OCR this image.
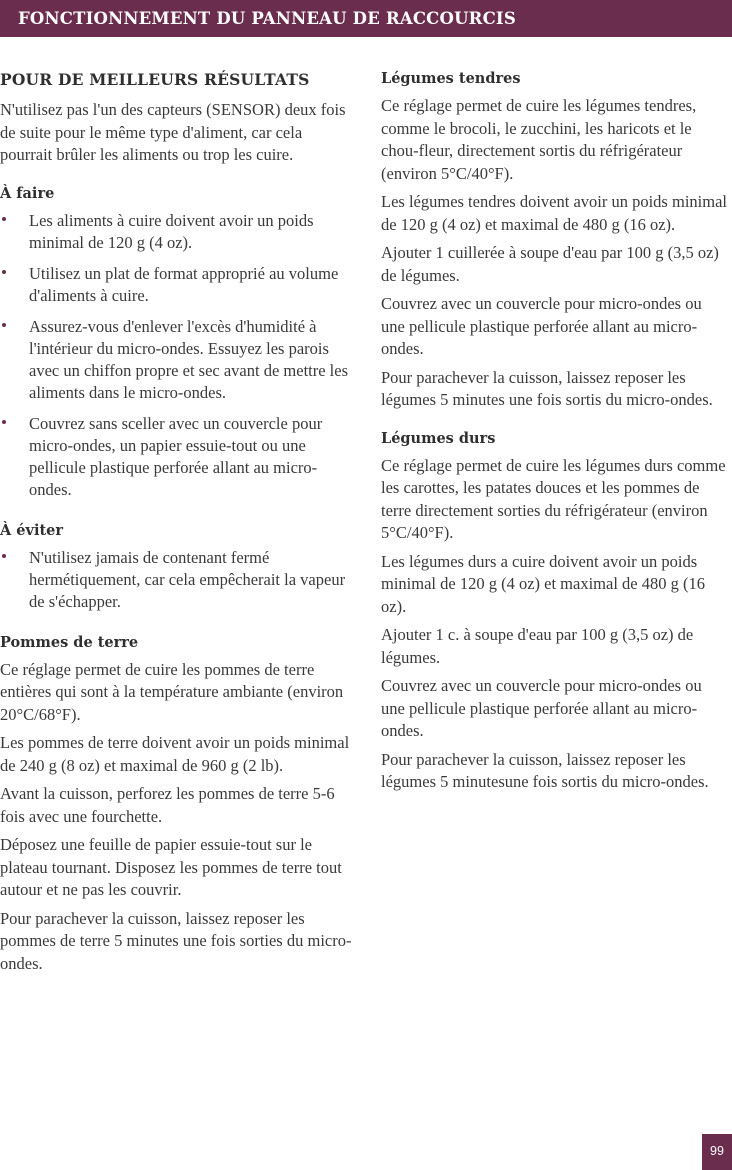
FONCTIONNEMENT DU PANNEAU DE RACCOURCIS
POUR DE MEILLEURS RÉSULTATS

N'utilisez pas l'un des capteurs (SENSOR) deux fois de suite pour le même type d'aliment, car cela pourrait brûler les aliments ou trop les cuire.

À faire
Les aliments à cuire doivent avoir un poids minimal de 120 g (4 oz).
Utilisez un plat de format approprié au volume d'aliments à cuire.
Assurez-vous d'enlever l'excès d'humidité à l'intérieur du micro-ondes. Essuyez les parois avec un chiffon propre et sec avant de mettre les aliments dans le micro-ondes.
Couvrez sans sceller avec un couvercle pour micro-ondes, un papier essuie-tout ou une pellicule plastique perforée allant au micro-ondes.
À éviter
N'utilisez jamais de contenant fermé hermétiquement, car cela empêcherait la vapeur de s'échapper.
Pommes de terre

Ce réglage permet de cuire les pommes de terre entières qui sont à la température ambiante (environ 20°C/68°F).

Les pommes de terre doivent avoir un poids minimal de 240 g (8 oz) et maximal de 960 g (2 lb).

Avant la cuisson, perforez les pommes de terre 5-6 fois avec une fourchette.

Déposez une feuille de papier essuie-tout sur le plateau tournant. Disposez les pommes de terre tout autour et ne pas les couvrir.

Pour parachever la cuisson, laissez reposer les pommes de terre 5 minutes une fois sorties du micro-ondes.

Légumes tendres

Ce réglage permet de cuire les légumes tendres, comme le brocoli, le zucchini, les haricots et le chou-fleur, directement sortis du réfrigérateur (environ 5°C/40°F).

Les légumes tendres doivent avoir un poids minimal de 120 g (4 oz) et maximal de 480 g (16 oz).

Ajouter 1 cuillerée à soupe d'eau par 100 g (3,5 oz) de légumes.

Couvrez avec un couvercle pour micro-ondes ou une pellicule plastique perforée allant au micro-ondes.

Pour parachever la cuisson, laissez reposer les légumes 5 minutes une fois sortis du micro-ondes.

Légumes durs

Ce réglage permet de cuire les légumes durs comme les carottes, les patates douces et les pommes de terre directement sorties du réfrigérateur (environ 5°C/40°F).

Les légumes durs a cuire doivent avoir un poids minimal de 120 g (4 oz) et maximal de 480 g (16 oz).

Ajouter 1 c. à soupe d'eau par 100 g (3,5 oz) de légumes.

Couvrez avec un couvercle pour micro-ondes ou une pellicule plastique perforée allant au micro-ondes.

Pour parachever la cuisson, laissez reposer les légumes 5 minutesune fois sortis du micro-ondes.

99
